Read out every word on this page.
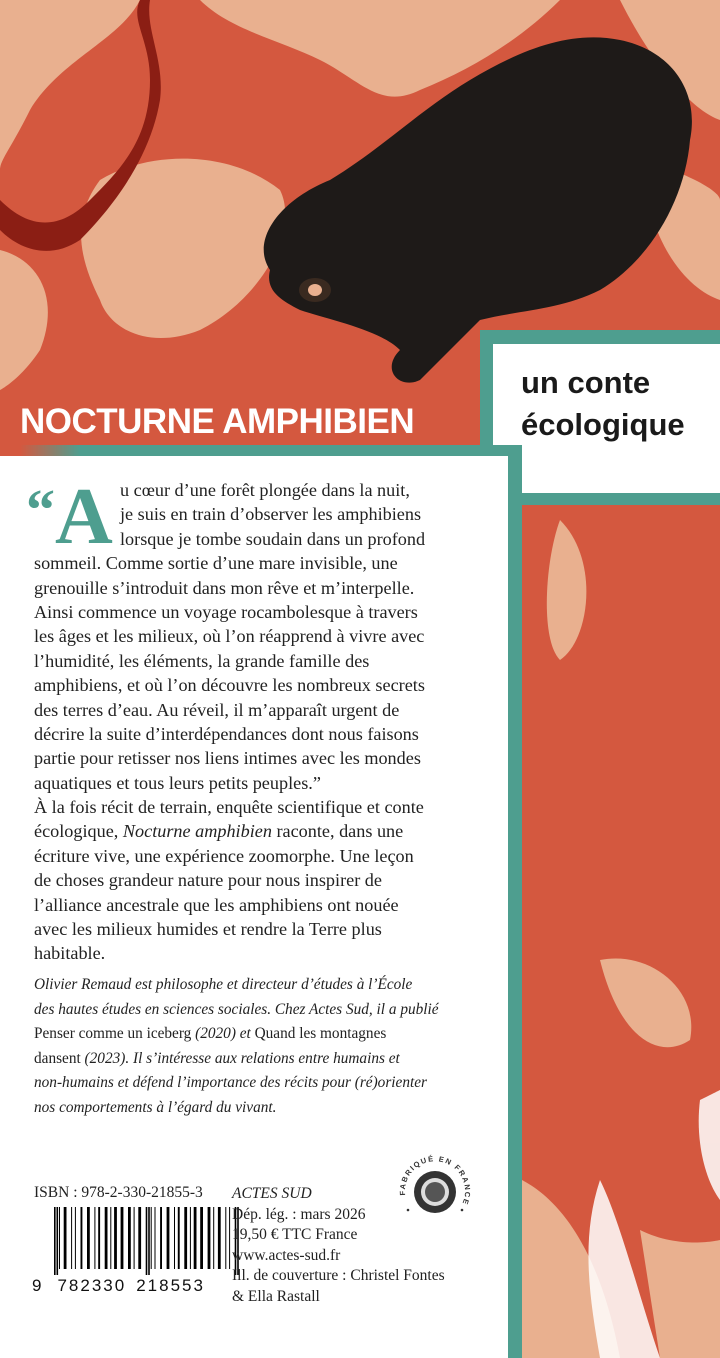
un conte
écologique
NOCTURNE AMPHIBIEN
“ A u cœur d’une forêt plongée dans la nuit,
je suis en train d’observer les amphibiens
lorsque je tombe soudain dans un profond
sommeil. Comme sortie d’une mare invisible, une
grenouille s’introduit dans mon rêve et m’interpelle.
Ainsi commence un voyage rocambolesque à travers
les âges et les milieux, où l’on réapprend à vivre avec
l’humidité, les éléments, la grande famille des
amphibiens, et où l’on découvre les nombreux secrets
des terres d’eau. Au réveil, il m’apparaît urgent de
décrire la suite d’interdépendances dont nous faisons
partie pour retisser nos liens intimes avec les mondes
aquatiques et tous leurs petits peuples.”
À la fois récit de terrain, enquête scientifique et conte
écologique, Nocturne amphibien raconte, dans une
écriture vive, une expérience zoomorphe. Une leçon
de choses grandeur nature pour nous inspirer de
l’alliance ancestrale que les amphibiens ont nouée
avec les milieux humides et rendre la Terre plus
habitable.
Olivier Remaud est philosophe et directeur d’études à l’École
des hautes études en sciences sociales. Chez Actes Sud, il a publié
Penser comme un iceberg (2020) et Quand les montagnes
dansent (2023). Il s’intéresse aux relations entre humains et
non-humains et défend l’importance des récits pour (ré)orienter
nos comportements à l’égard du vivant.
ISBN : 978-2-330-21855-3
9 782330 218553
ACTES SUD
Dép. lég. : mars 2026
19,50 € TTC France
www.actes-sud.fr
Ill. de couverture : Christel Fontes
& Ella Rastall
FABRIQUÉ EN FRANCE
